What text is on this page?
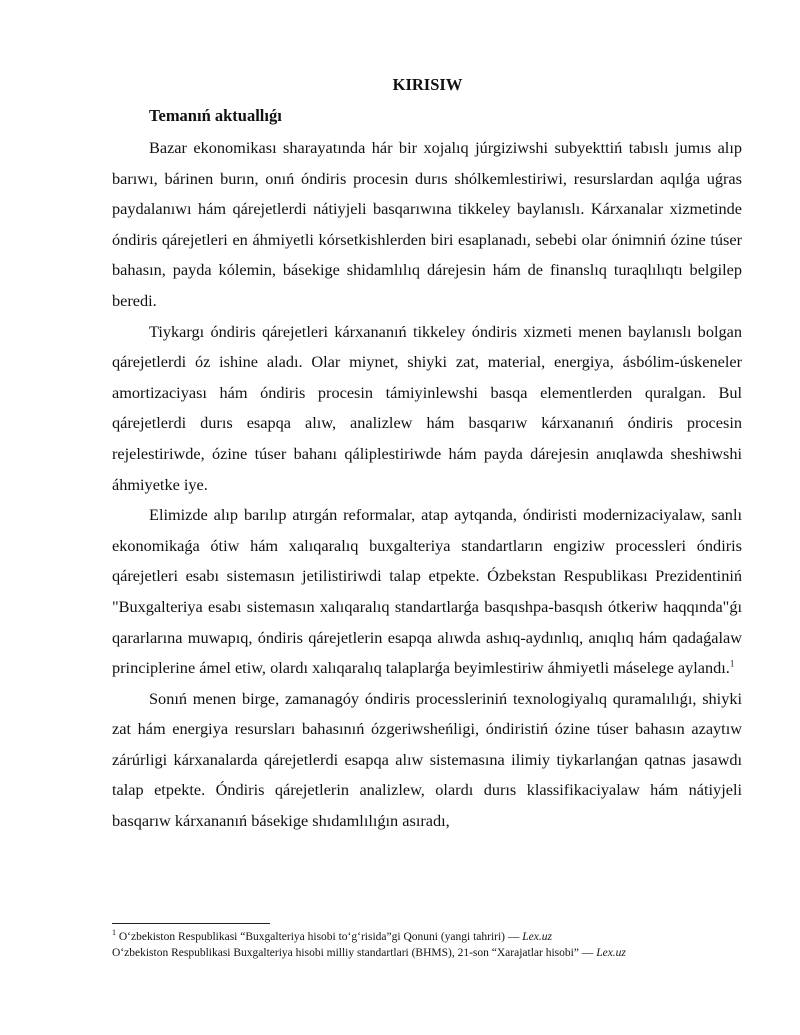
KIRISIW
Temanıń aktuallıǵı

Bazar ekonomikası sharayatında hár bir xojalıq júrgiziwshi subyekttiń tabıslı jumıs alıp barıwı, bárinen burın, onıń óndiris procesin durıs shólkemlestiriwi, resurslardan aqılǵa uǵras paydalanıwı hám qárejetlerdi nátiyjeli basqarıwına tikkeley baylanıslı. Kárxanalar xizmetinde óndiris qárejetleri en áhmiyetli kórsetkishlerden biri esaplanadı, sebebi olar ónimniń ózine túser bahasın, payda kólemin, básekige shidamlılıq dárejesin hám de finanslıq turaqlılıqtı belgilep beredi.

Tiykargı óndiris qárejetleri kárxananıń tikkeley óndiris xizmeti menen baylanıslı bolgan qárejetlerdi óz ishine aladı. Olar miynet, shiyki zat, material, energiya, ásbólim-úskeneler amortizaciyası hám óndiris procesin támiyinlewshi basqa elementlerden quralgan. Bul qárejetlerdi durıs esapqa alıw, analizlew hám basqarıw kárxananıń óndiris procesin rejelestiriwde, ózine túser bahanı qáliplestiriwde hám payda dárejesin anıqlawda sheshiwshi áhmiyetke iye.

Elimizde alıp barılıp atırgán reformalar, atap aytqanda, óndiristi modernizaciyalaw, sanlı ekonomikaǵa ótiw hám xalıqaralıq buxgalteriya standartların engiziw processleri óndiris qárejetleri esabı sistemasın jetilistiriwdi talap etpekte. Ózbekstan Respublikası Prezidentiniń "Buxgalteriya esabı sistemasın xalıqaralıq standartlarǵa basqıshpa-basqısh ótkeriw haqqında"ǵı qararlarına muwapıq, óndiris qárejetlerin esapqa alıwda ashıq-aydınlıq, anıqlıq hám qadaǵalaw principlerine ámel etiw, olardı xalıqaralıq talaplarǵa beyimlestiriw áhmiyetli máselege aylandı.$^1$

Sonıń menen birge, zamanagóy óndiris processleriniń texnologiyalıq quramalılıǵı, shiyki zat hám energiya resursları bahasınıń ózgeriwsheńligi, óndiristiń ózine túser bahasın azaytıw zárúrligi kárxanalarda qárejetlerdi esapqa alıw sistemasına ilimiy tiykarlanǵan qatnas jasawdı talap etpekte. Óndiris qárejetlerin analizlew, olardı durıs klassifikaciyalaw hám nátiyjeli basqarıw kárxananıń básekige shıdamlılıǵın asıradı,

$^1$ O‘zbekiston Respublikasi “Buxgalteriya hisobi to‘g‘risida”gi Qonuni (yangi tahriri) — Lex.uz
O‘zbekiston Respublikasi Buxgalteriya hisobi milliy standartlari (BHMS), 21-son “Xarajatlar hisobi” — Lex.uz
